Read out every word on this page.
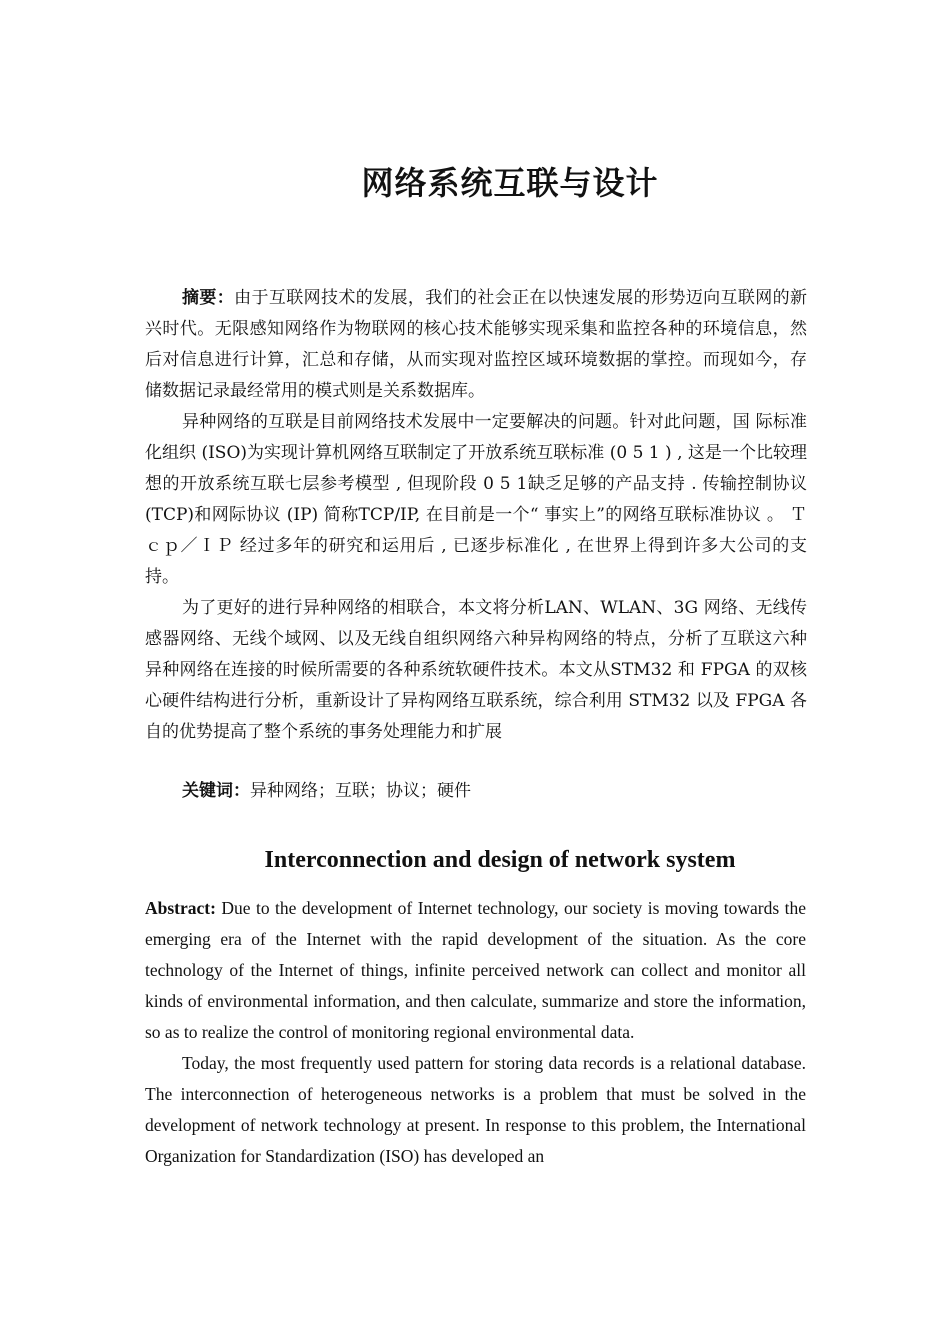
网络系统互联与设计

摘要：由于互联网技术的发展，我们的社会正在以快速发展的形势迈向互联网的新兴时代。无限感知网络作为物联网的核心技术能够实现采集和监控各种的环境信息，然后对信息进行计算，汇总和存储，从而实现对监控区域环境数据的掌控。而现如今，存储数据记录最经常用的模式则是关系数据库。

异种网络的互联是目前网络技术发展中一定要解决的问题。针对此问题，国 际标准化组织 (ISO)为实现计算机网络互联制定了开放系统互联标准 (0 5 1 ) , 这是一个比较理想的开放系统互联七层参考模型 , 但现阶段 0 5 1缺乏足够的产品支持 . 传输控制协议 (TCP)和网际协议 (IP) 简称TCP/IP, 在目前是一个“ 事实上”的网络互联标准协议 。 Ｔｃｐ／ＩＰ 经过多年的研究和运用后 , 已逐步标准化 , 在世界上得到许多大公司的支持。

为了更好的进行异种网络的相联合，本文将分析LAN、WLAN、3G 网络、无线传感器网络、无线个域网、以及无线自组织网络六种异构网络的特点，分析了互联这六种异种网络在连接的时候所需要的各种系统软硬件技术。本文从STM32 和 FPGA 的双核心硬件结构进行分析，重新设计了异构网络互联系统，综合利用 STM32 以及 FPGA 各自的优势提高了整个系统的事务处理能力和扩展

关键词：异种网络；互联；协议；硬件
Interconnection and design of network system

Abstract: Due to the development of Internet technology, our society is moving towards the emerging era of the Internet with the rapid development of the situation. As the core technology of the Internet of things, infinite perceived network can collect and monitor all kinds of environmental information, and then calculate, summarize and store the information, so as to realize the control of monitoring regional environmental data.

Today, the most frequently used pattern for storing data records is a relational database. The interconnection of heterogeneous networks is a problem that must be solved in the development of network technology at present. In response to this problem, the International Organization for Standardization (ISO) has developed an
